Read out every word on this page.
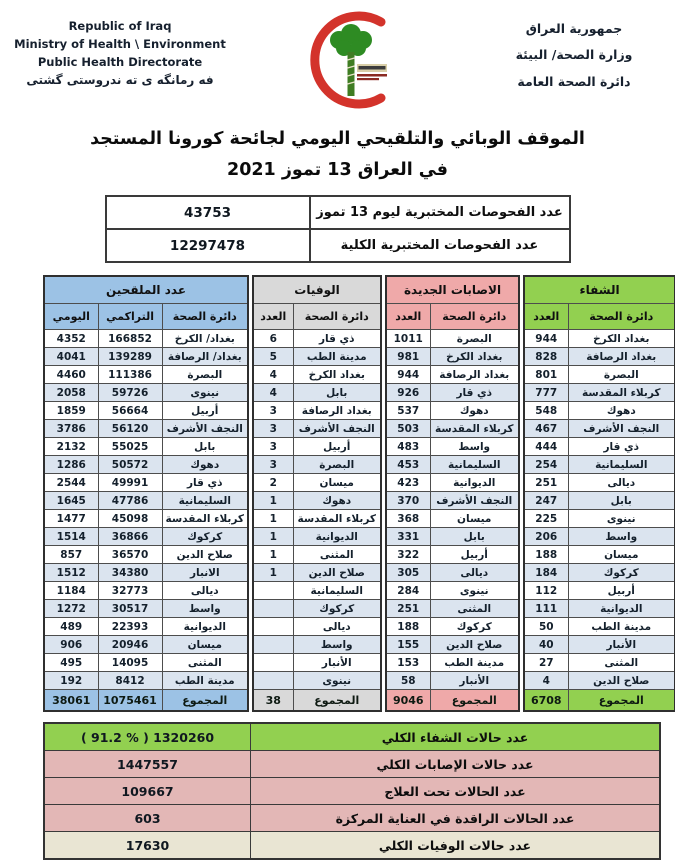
Republic of Iraq
Ministry of Health \ Environment
Public Health Directorate
فه رمانگه ی ته ندروستی گشتی
جمهورية العراق
وزارة الصحة/ البيئة
دائرة الصحة العامة
الموقف الوبائي والتلقيحي اليومي لجائحة كورونا المستجد
في العراق 13 تموز 2021
عدد الفحوصات المختبرية ليوم 13 تموز	43753
عدد الفحوصات المختبرية الكلية	12297478
عدد الملقحين		
دائرة الصحة	التراكمي	اليومي
بغداد/ الكرخ	166852	4352
بغداد/ الرصافة	139289	4041
البصرة	111386	4460
نينوى	59726	2058
أربيل	56664	1859
النجف الأشرف	56120	3786
بابل	55025	2132
دهوك	50572	1286
ذي قار	49991	2544
السليمانية	47786	1645
كربلاء المقدسة	45098	1477
كركوك	36866	1514
صلاح الدين	36570	857
الانبار	34380	1512
ديالى	32773	1184
واسط	30517	1272
الديوانية	22393	489
ميسان	20946	906
المثنى	14095	495
مدينة الطب	8412	192
المجموع	1075461	38061
الوفيات	
دائرة الصحة	العدد
ذي قار	6
مدينة الطب	5
بغداد الكرخ	4
بابل	4
بغداد الرصافة	3
النجف الأشرف	3
أربيل	3
البصرة	3
ميسان	2
دهوك	1
كربلاء المقدسة	1
الديوانية	1
المثنى	1
صلاح الدين	1
السليمانية	
كركوك	
ديالى	
واسط	
الأنبار	
نينوى	
المجموع	38
الاصابات الجديدة	
دائرة الصحة	العدد
البصرة	1011
بغداد الكرخ	981
بغداد الرصافة	944
ذي قار	926
دهوك	537
كربلاء المقدسة	503
واسط	483
السليمانية	453
الديوانية	423
النجف الأشرف	370
ميسان	368
بابل	331
أربيل	322
ديالى	305
نينوى	284
المثنى	251
كركوك	188
صلاح الدين	155
مدينة الطب	153
الأنبار	58
المجموع	9046
الشفاء	
دائرة الصحة	العدد
بغداد الكرخ	944
بغداد الرصافة	828
البصرة	801
كربلاء المقدسة	777
دهوك	548
النجف الأشرف	467
ذي قار	444
السليمانية	254
ديالى	251
بابل	247
نينوى	225
واسط	206
ميسان	188
كركوك	184
أربيل	112
الديوانية	111
مدينة الطب	50
الأنبار	40
المثنى	27
صلاح الدين	4
المجموع	6708
عدد حالات الشفاء الكلي	( 91.2 % ) 1320260
عدد حالات الإصابات الكلي	1447557
عدد الحالات تحت العلاج	109667
عدد الحالات الراقدة في العناية المركزة	603
عدد حالات الوفيات الكلي	17630
